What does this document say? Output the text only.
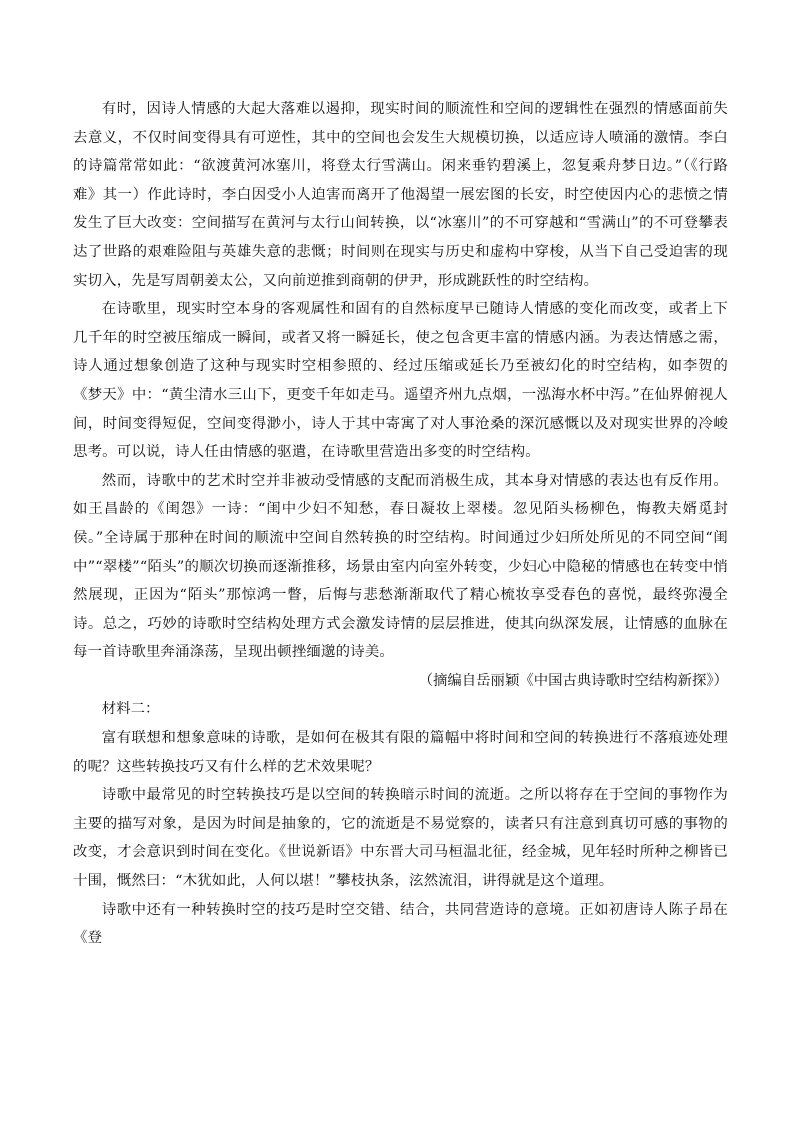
有时，因诗人情感的大起大落难以遏抑，现实时间的顺流性和空间的逻辑性在强烈的情感面前失去意义，不仅时间变得具有可逆性，其中的空间也会发生大规模切换，以适应诗人喷涌的激情。李白的诗篇常常如此：“欲渡黄河冰塞川，将登太行雪满山。闲来垂钓碧溪上，忽复乘舟梦日边。”（《行路难》其一）作此诗时，李白因受小人迫害而离开了他渴望一展宏图的长安，时空使因内心的悲愤之情发生了巨大改变：空间描写在黄河与太行山间转换，以“冰塞川”的不可穿越和“雪满山”的不可登攀表达了世路的艰难险阻与英雄失意的悲慨；时间则在现实与历史和虚构中穿梭，从当下自己受迫害的现实切入，先是写周朝姜太公，又向前逆推到商朝的伊尹，形成跳跃性的时空结构。

在诗歌里，现实时空本身的客观属性和固有的自然标度早已随诗人情感的变化而改变，或者上下几千年的时空被压缩成一瞬间，或者又将一瞬延长，使之包含更丰富的情感内涵。为表达情感之需，诗人通过想象创造了这种与现实时空相参照的、经过压缩或延长乃至被幻化的时空结构，如李贺的《梦天》中：“黄尘清水三山下，更变千年如走马。遥望齐州九点烟，一泓海水杯中泻。”在仙界俯视人间，时间变得短促，空间变得渺小，诗人于其中寄寓了对人事沧桑的深沉感慨以及对现实世界的冷峻思考。可以说，诗人任由情感的驱遣，在诗歌里营造出多变的时空结构。

然而，诗歌中的艺术时空并非被动受情感的支配而消极生成，其本身对情感的表达也有反作用。如王昌龄的《闺怨》一诗：“闺中少妇不知愁，春日凝妆上翠楼。忽见陌头杨柳色，悔教夫婿觅封侯。”全诗属于那种在时间的顺流中空间自然转换的时空结构。时间通过少妇所处所见的不同空间“闺中”“翠楼”“陌头”的顺次切换而逐渐推移，场景由室内向室外转变，少妇心中隐秘的情感也在转变中悄然展现，正因为“陌头”那惊鸿一瞥，后悔与悲愁渐渐取代了精心梳妆享受春色的喜悦，最终弥漫全诗。总之，巧妙的诗歌时空结构处理方式会激发诗情的层层推进，使其向纵深发展，让情感的血脉在每一首诗歌里奔涌涤荡，呈现出顿挫缅邈的诗美。

（摘编自岳丽颖《中国古典诗歌时空结构新探》）

材料二：

富有联想和想象意味的诗歌，是如何在极其有限的篇幅中将时间和空间的转换进行不落痕迹处理的呢？这些转换技巧又有什么样的艺术效果呢？

诗歌中最常见的时空转换技巧是以空间的转换暗示时间的流逝。之所以将存在于空间的事物作为主要的描写对象，是因为时间是抽象的，它的流逝是不易觉察的，读者只有注意到真切可感的事物的改变，才会意识到时间在变化。《世说新语》中东晋大司马桓温北征，经金城，见年轻时所种之柳皆已十围，慨然曰：“木犹如此，人何以堪！”攀枝执条，泫然流泪，讲得就是这个道理。

诗歌中还有一种转换时空的技巧是时空交错、结合，共同营造诗的意境。正如初唐诗人陈子昂在《登
